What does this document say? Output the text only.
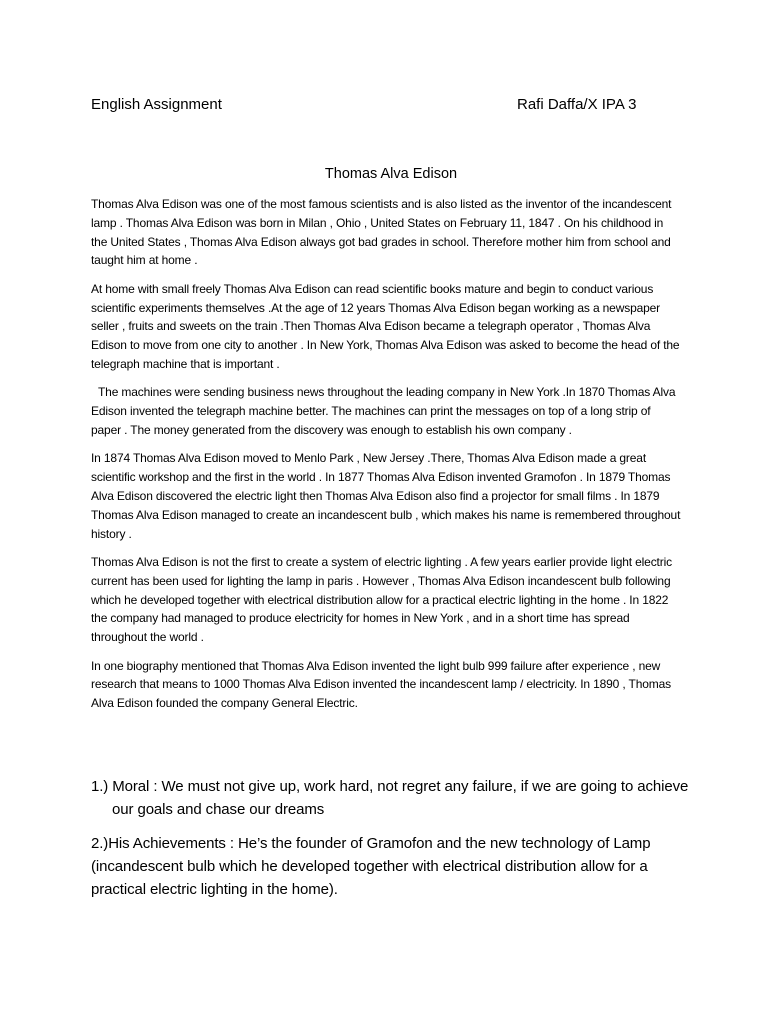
English Assignment	Rafi Daffa/X IPA 3
Thomas Alva Edison

Thomas Alva Edison was one of the most famous scientists and is also listed as the inventor of the incandescent lamp . Thomas Alva Edison was born in Milan , Ohio , United States on February 11, 1847 . On his childhood in the United States , Thomas Alva Edison always got bad grades in school. Therefore mother him from school and taught him at home .

At home with small freely Thomas Alva Edison can read scientific books mature and begin to conduct various scientific experiments themselves .At the age of 12 years Thomas Alva Edison began working as a newspaper seller , fruits and sweets on the train .Then Thomas Alva Edison became a telegraph operator , Thomas Alva Edison to move from one city to another . In New York, Thomas Alva Edison was asked to become the head of the telegraph machine that is important .

The machines were sending business news throughout the leading company in New York .In 1870 Thomas Alva Edison invented the telegraph machine better. The machines can print the messages on top of a long strip of paper . The money generated from the discovery was enough to establish his own company .

In 1874 Thomas Alva Edison moved to Menlo Park , New Jersey .There, Thomas Alva Edison made a great scientific workshop and the first in the world . In 1877 Thomas Alva Edison invented Gramofon . In 1879 Thomas Alva Edison discovered the electric light then Thomas Alva Edison also find a projector for small films . In 1879 Thomas Alva Edison managed to create an incandescent bulb , which makes his name is remembered throughout history .

Thomas Alva Edison is not the first to create a system of electric lighting . A few years earlier provide light electric current has been used for lighting the lamp in paris . However , Thomas Alva Edison incandescent bulb following which he developed together with electrical distribution allow for a practical electric lighting in the home . In 1822 the company had managed to produce electricity for homes in New York , and in a short time has spread throughout the world .

In one biography mentioned that Thomas Alva Edison invented the light bulb 999 failure after experience , new research that means to 1000 Thomas Alva Edison invented the incandescent lamp / electricity. In 1890 , Thomas Alva Edison founded the company General Electric.

1.) Moral : We must not give up, work hard, not regret any failure, if we are going to achieve our goals and chase our dreams

2.)His Achievements : He’s the founder of Gramofon and the new technology of Lamp (incandescent bulb which he developed together with electrical distribution allow for a practical electric lighting in the home).
